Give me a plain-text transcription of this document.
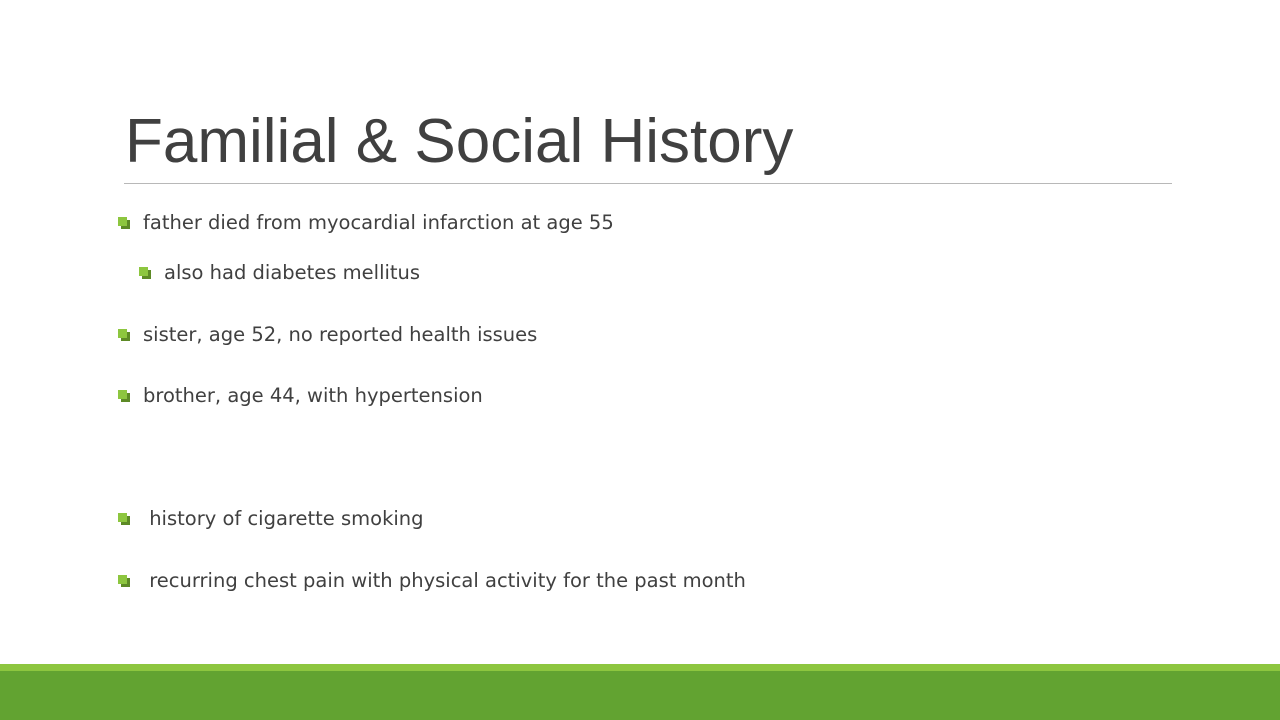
Familial & Social History
father died from myocardial infarction at age 55
also had diabetes mellitus
sister, age 52, no reported health issues
brother, age 44, with hypertension
history of cigarette smoking
recurring chest pain with physical activity for the past month
